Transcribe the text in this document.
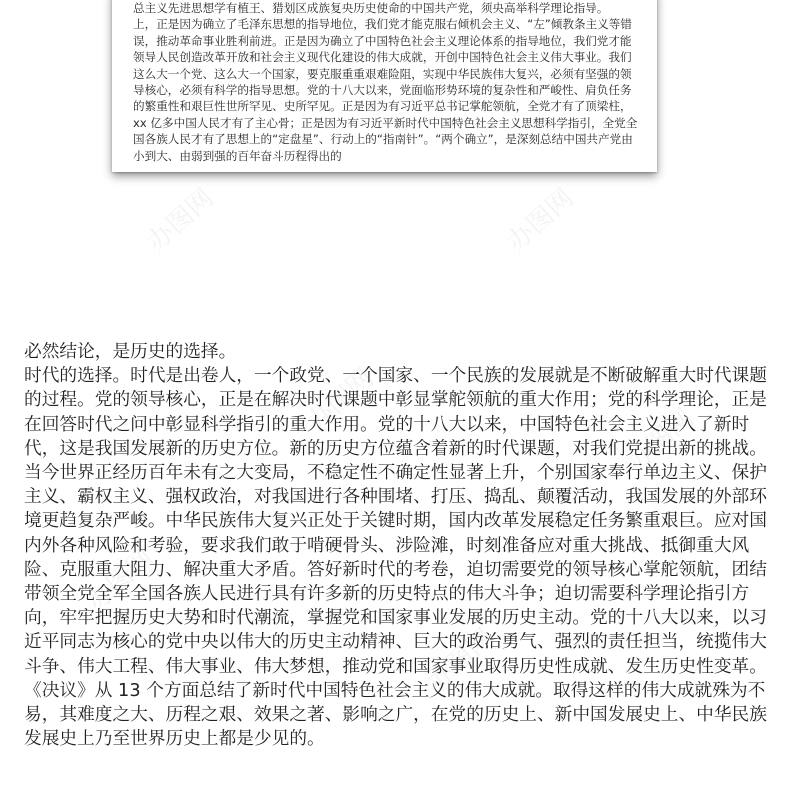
总主义先进思想学有植王、猎划区成族复央历史使命的中国共产党，须央高举科学理论指导。
上，正是因为确立了毛泽东思想的指导地位，我们党才能克服右倾机会主义、“左”倾教条主义等错误，推动革命事业胜利前进。正是因为确立了中国特色社会主义理论体系的指导地位，我们党才能领导人民创造改革开放和社会主义现代化建设的伟大成就，开创中国特色社会主义伟大事业。我们这么大一个党、这么大一个国家，要克服重重艰难险阻，实现中华民族伟大复兴，必须有坚强的领导核心，必须有科学的指导思想。党的十八大以来，党面临形势环境的复杂性和严峻性、肩负任务的繁重性和艰巨性世所罕见、史所罕见。正是因为有习近平总书记掌舵领航，全党才有了顶梁柱，xx 亿多中国人民才有了主心骨；正是因为有习近平新时代中国特色社会主义思想科学指引，全党全国各族人民才有了思想上的“定盘星”、行动上的“指南针”。“两个确立”，是深刻总结中国共产党由小到大、由弱到强的百年奋斗历程得出的

必然结论，是历史的选择。
时代的选择。时代是出卷人，一个政党、一个国家、一个民族的发展就是不断破解重大时代课题的过程。党的领导核心，正是在解决时代课题中彰显掌舵领航的重大作用；党的科学理论，正是在回答时代之问中彰显科学指引的重大作用。党的十八大以来，中国特色社会主义进入了新时代，这是我国发展新的历史方位。新的历史方位蕴含着新的时代课题，对我们党提出新的挑战。当今世界正经历百年未有之大变局，不稳定性不确定性显著上升，个别国家奉行单边主义、保护主义、霸权主义、强权政治，对我国进行各种围堵、打压、捣乱、颠覆活动，我国发展的外部环境更趋复杂严峻。中华民族伟大复兴正处于关键时期，国内改革发展稳定任务繁重艰巨。应对国内外各种风险和考验，要求我们敢于啃硬骨头、涉险滩，时刻准备应对重大挑战、抵御重大风险、克服重大阻力、解决重大矛盾。答好新时代的考卷，迫切需要党的领导核心掌舵领航，团结带领全党全军全国各族人民进行具有许多新的历史特点的伟大斗争；迫切需要科学理论指引方向，牢牢把握历史大势和时代潮流，掌握党和国家事业发展的历史主动。党的十八大以来，以习近平同志为核心的党中央以伟大的历史主动精神、巨大的政治勇气、强烈的责任担当，统揽伟大斗争、伟大工程、伟大事业、伟大梦想，推动党和国家事业取得历史性成就、发生历史性变革。《决议》从 13 个方面总结了新时代中国特色社会主义的伟大成就。取得这样的伟大成就殊为不易，其难度之大、历程之艰、效果之著、影响之广，在党的历史上、新中国发展史上、中华民族发展史上乃至世界历史上都是少见的。
办图网	办图网
办图网
办图网
办图网
办图网
